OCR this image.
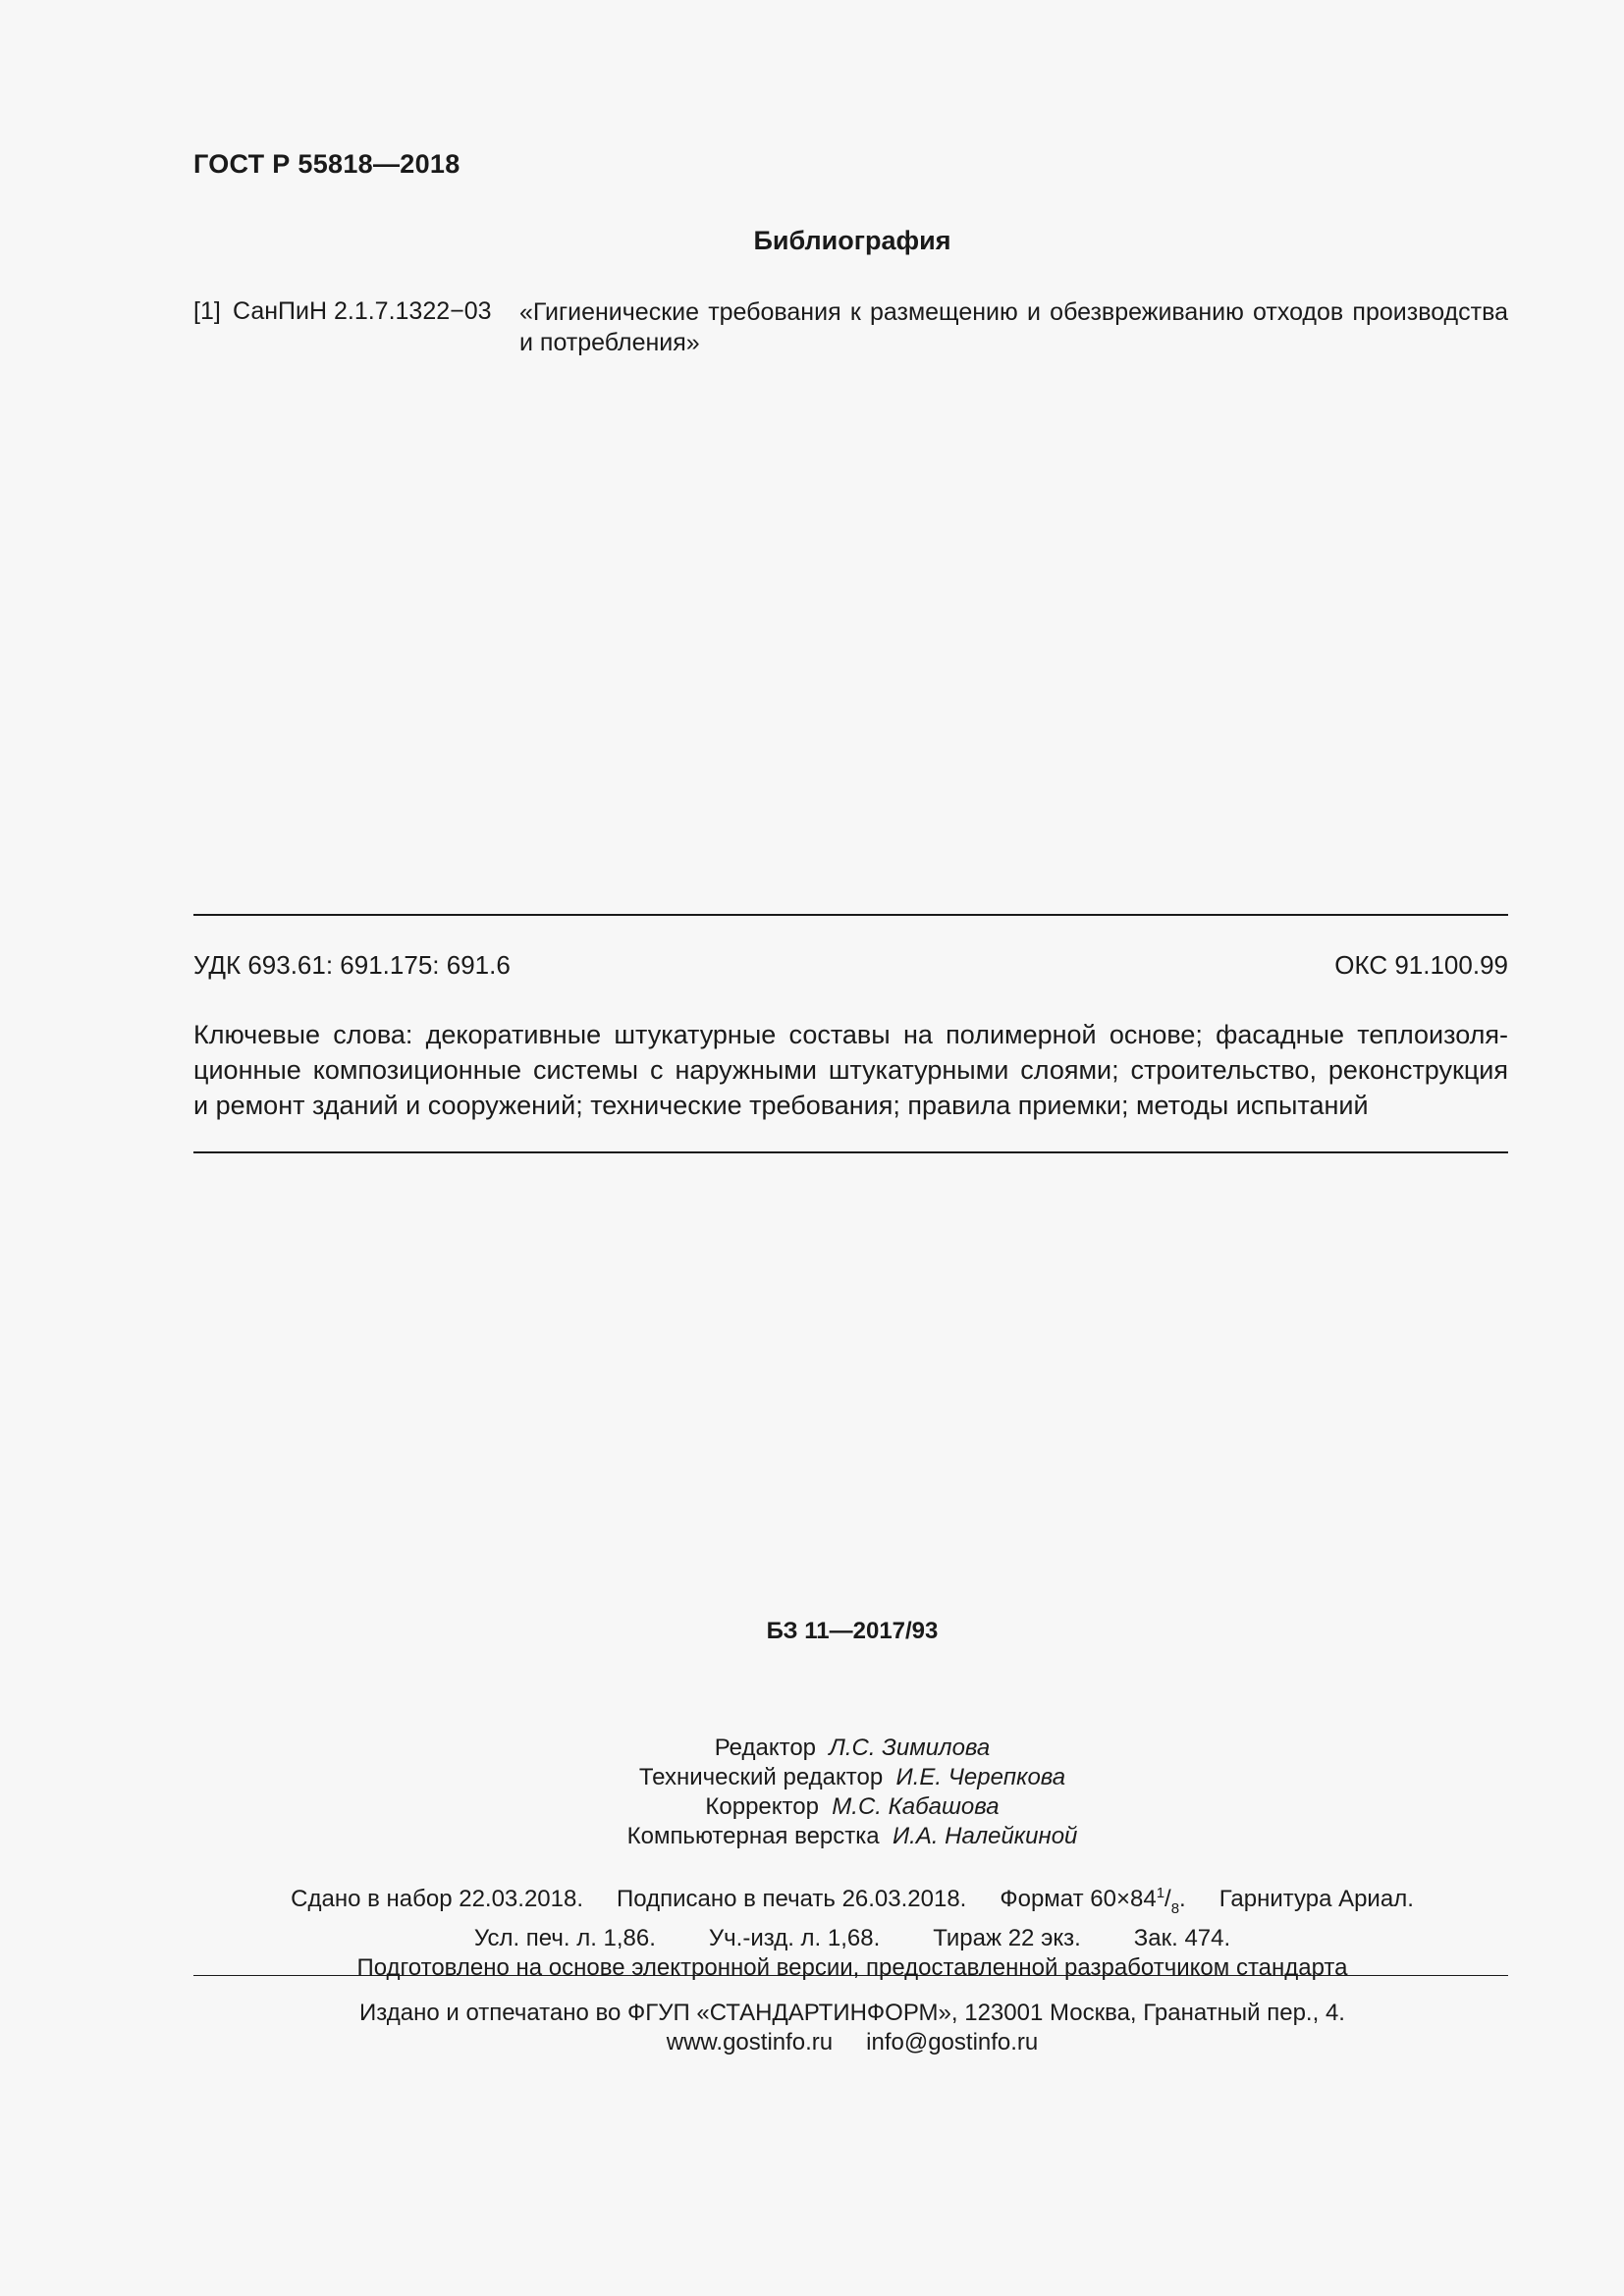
ГОСТ Р 55818—2018
Библиография
[1] СанПиН 2.1.7.1322−03 «Гигиенические требования к размещению и обезвреживанию отходов производства
и потребления»
УДК 693.61: 691.175: 691.6	ОКС 91.100.99
Ключевые слова: декоративные штукатурные составы на полимерной основе; фасадные теплоизоля-
ционные композиционные системы с наружными штукатурными слоями; строительство, реконструкция
и ремонт зданий и сооружений; технические требования; правила приемки; методы испытаний
БЗ 11—2017/93
Редактор Л.С. Зимилова
Технический редактор И.Е. Черепкова
Корректор М.С. Кабашова
Компьютерная верстка И.А. Налейкиной
Сдано в набор 22.03.2018. Подписано в печать 26.03.2018. Формат $60\times 84^1/_8$. Гарнитура Ариал.
Усл. печ. л. 1,86. Уч.-изд. л. 1,68. Тираж 22 экз. Зак. 474.
Подготовлено на основе электронной версии, предоставленной разработчиком стандарта
Издано и отпечатано во ФГУП «СТАНДАРТИНФОРМ», 123001 Москва, Гранатный пер., 4.
www.gostinfo.ru info@gostinfo.ru
